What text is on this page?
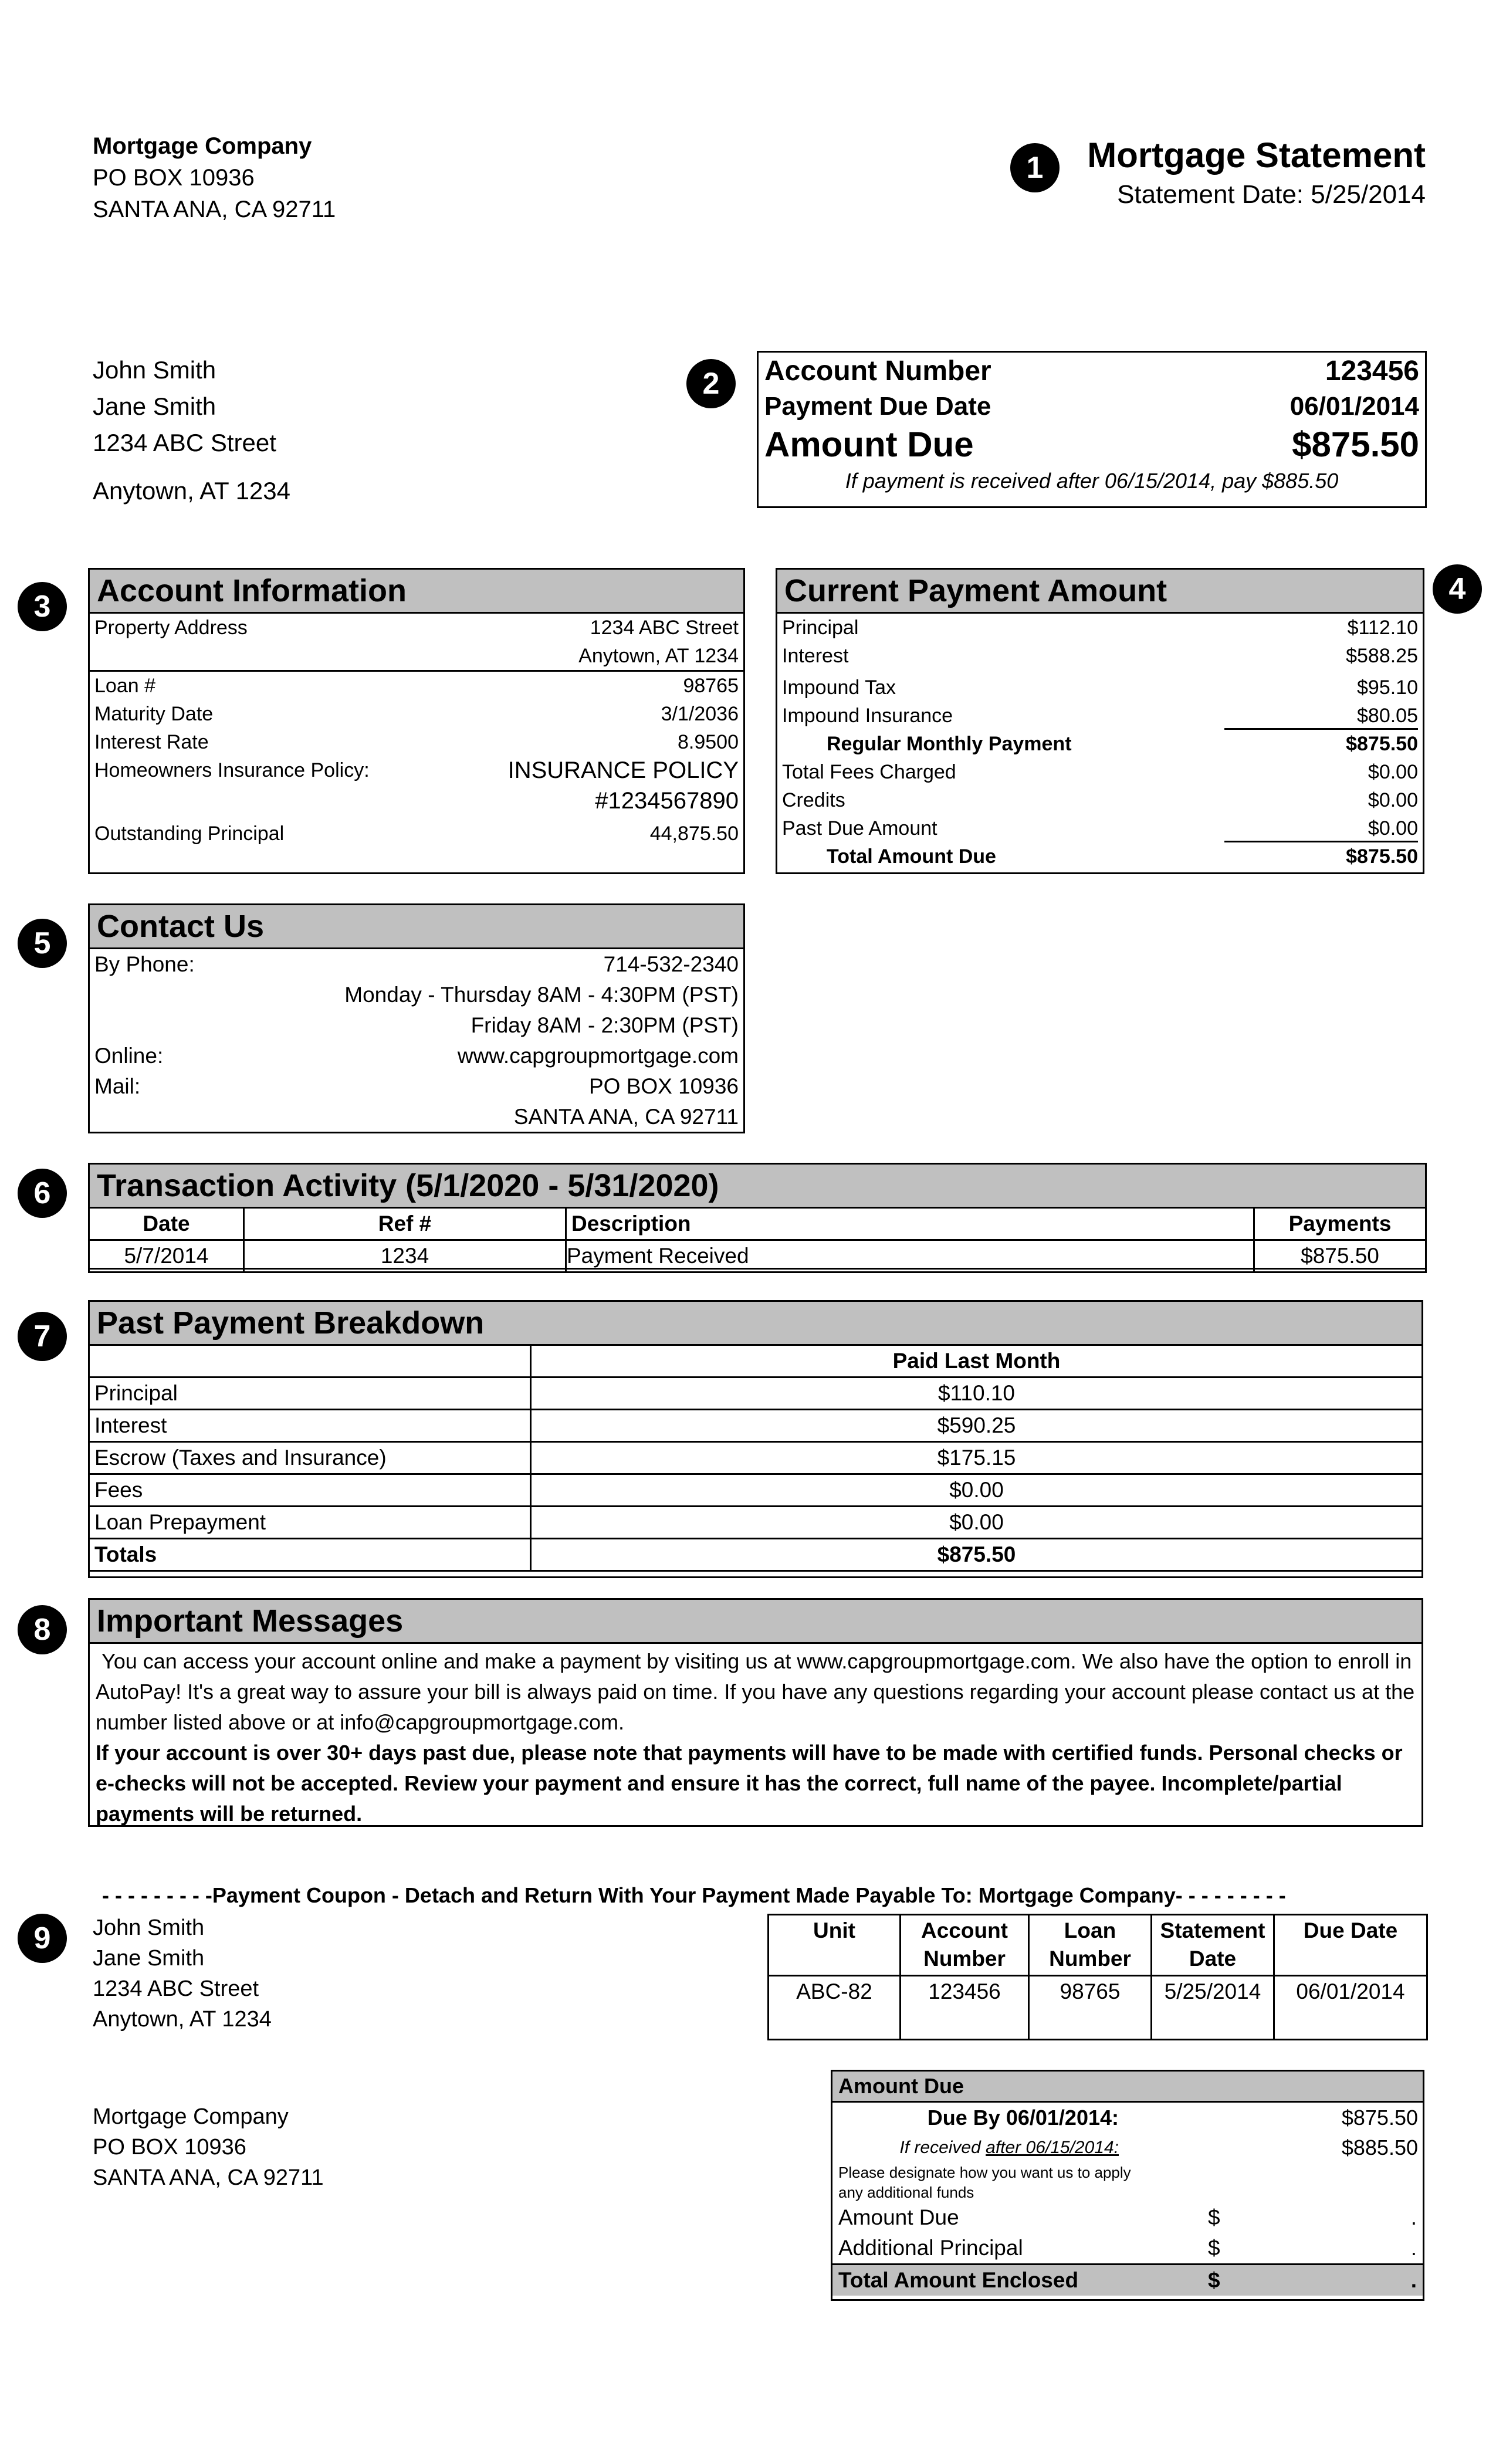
Mortgage Company

PO BOX 10936

SANTA ANA, CA 92711

1	Mortgage Statement
Statement Date: 5/25/2014
John Smith
Jane Smith
1234 ABC Street
Anytown, AT 1234
2	Account Number	123456
Payment Due Date	06/01/2014
Amount Due	$875.50
If payment is received after 06/15/2014, pay $885.50
3	Account Information
Property Address	1234 ABC Street
Anytown, AT 1234
Loan #	98765
Maturity Date	3/1/2036
Interest Rate	8.9500
Homeowners Insurance Policy:	INSURANCE POLICY
#1234567890
Outstanding Principal	44,875.50
4
Current Payment Amount
Principal	$112.10
Interest	$588.25
Impound Tax	$95.10
Impound Insurance	$80.05
Regular Monthly Payment	$875.50
Total Fees Charged	$0.00
Credits	$0.00
Past Due Amount	$0.00
Total Amount Due	$875.50
5	Contact Us
By Phone:	714-532-2340
Monday - Thursday 8AM - 4:30PM (PST)
Friday 8AM - 2:30PM (PST)
Online:	www.capgroupmortgage.com
Mail:	PO BOX 10936
SANTA ANA, CA 92711
6	Transaction Activity (5/1/2020 - 5/31/2020)
Date	Ref #	Description	Payments
5/7/2014	1234	Payment Received	$875.50
7	Past Payment Breakdown
	Paid Last Month
Principal	$110.10
Interest	$590.25
Escrow (Taxes and Insurance)	$175.15
Fees	$0.00
Loan Prepayment	$0.00
Totals	$875.50
8	Important Messages
You can access your account online and make a payment by visiting us at www.capgroupmortgage.com. We also have the option to enroll in AutoPay! It's a great way to assure your bill is always paid on time. If you have any questions regarding your account please contact us at the number listed above or at info@capgroupmortgage.com.
If your account is over 30+ days past due, please note that payments will have to be made with certified funds. Personal checks or e-checks will not be accepted. Review your payment and ensure it has the correct, full name of the payee. Incomplete/partial payments will be returned.
- - - - - - - - -Payment Coupon - Detach and Return With Your Payment Made Payable To: Mortgage Company- - - - - - - - -
9	John Smith
Jane Smith
1234 ABC Street
Anytown, AT 1234
Unit	Account Number	Loan Number	Statement Date	Due Date
ABC-82	123456	98765	5/25/2014	06/01/2014
Mortgage Company
PO BOX 10936
SANTA ANA, CA 92711
Amount Due
Due By 06/01/2014:	$875.50
If received after 06/15/2014:	$885.50
Please designate how you want us to apply any additional funds
Amount Due	$	.
Additional Principal	$	.
Total Amount Enclosed	$	.
